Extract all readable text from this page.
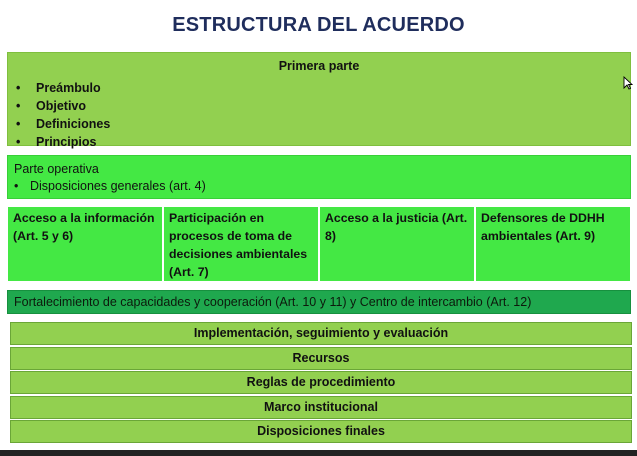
ESTRUCTURA DEL ACUERDO
Primera parte
• Preámbulo
• Objetivo
• Definiciones
• Principios
Parte operativa
• Disposiciones generales (art. 4)
Acceso a la información (Art. 5 y 6)
Participación en procesos de toma de decisiones ambientales (Art. 7)
Acceso a la justicia (Art. 8)
Defensores de DDHH ambientales (Art. 9)
Fortalecimiento de capacidades y cooperación (Art. 10 y 11) y Centro de intercambio (Art. 12)
Implementación, seguimiento y evaluación
Recursos
Reglas de procedimiento
Marco institucional
Disposiciones finales
